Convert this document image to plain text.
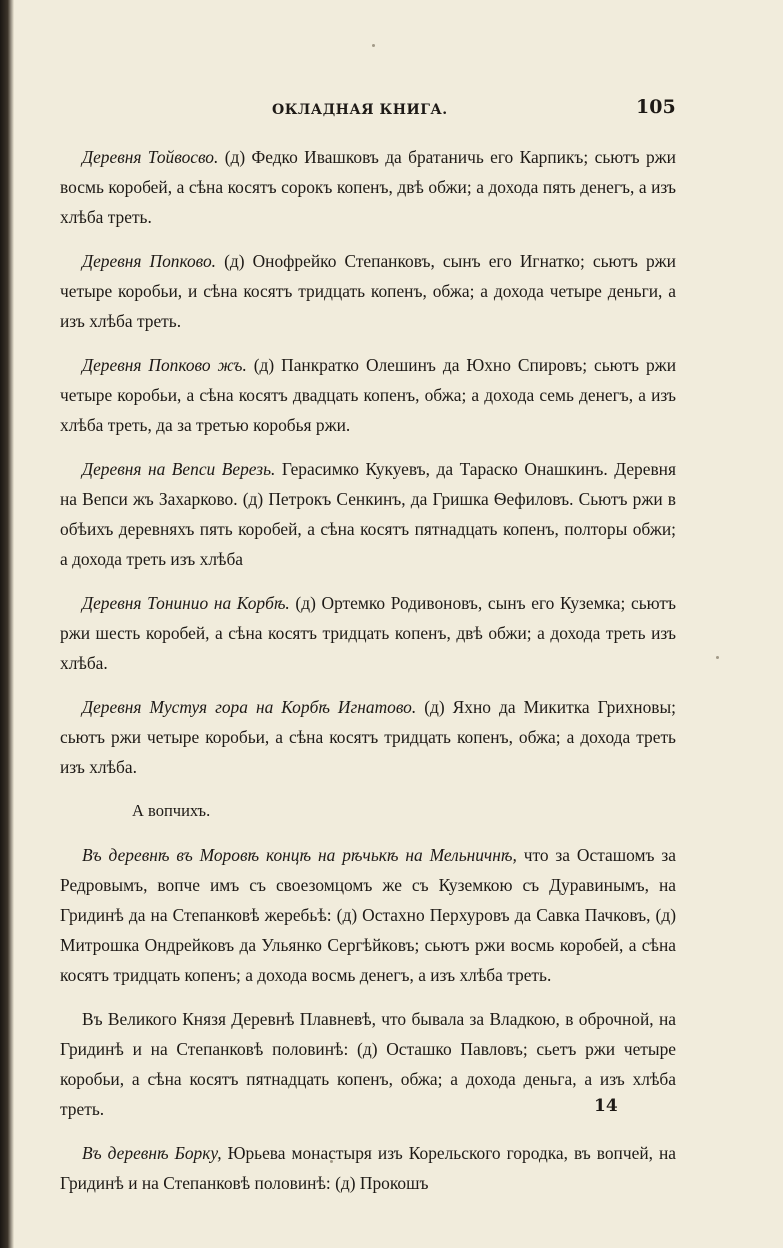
ОКЛАДНАЯ КНИГА.	105

Деревня Тойвосво. (д) Федко Ивашковъ да братаничь его Карпикъ; сьютъ ржи восмь коробей, а сѣна косятъ сорокъ копенъ, двѣ обжи; а дохода пять денегъ, а изъ хлѣба треть.

Деревня Попково. (д) Онофрейко Степанковъ, сынъ его Игнатко; сьютъ ржи четыре коробьи, и сѣна косятъ тридцать копенъ, обжа; а дохода четыре деньги, а изъ хлѣба треть.

Деревня Попково жъ. (д) Панкратко Олешинъ да Юхно Спировъ; сьютъ ржи четыре коробьи, а сѣна косятъ двадцать копенъ, обжа; а дохода семь денегъ, а изъ хлѣба треть, да за третью коробья ржи.

Деревня на Вепси Верезь. Герасимко Кукуевъ, да Тараско Онашкинъ. Деревня на Вепси жъ Захарково. (д) Петрокъ Сенкинъ, да Гришка Ѳефиловъ. Сьютъ ржи в обѣихъ деревняхъ пять коробей, а сѣна косятъ пятнадцать копенъ, полторы обжи; а дохода треть изъ хлѣба

Деревня Тонинио на Корбѣ. (д) Ортемко Родивоновъ, сынъ его Куземка; сьютъ ржи шесть коробей, а сѣна косятъ тридцать копенъ, двѣ обжи; а дохода треть изъ хлѣба.

Деревня Мустуя гора на Корбѣ Игнатово. (д) Яхно да Микитка Грихновы; сьютъ ржи четыре коробьи, а сѣна косятъ тридцать копенъ, обжа; а дохода треть изъ хлѣба.

А вопчихъ.

Въ деревнѣ въ Моровѣ концѣ на рѣчькѣ на Мельничнѣ, что за Осташомъ за Редровымъ, вопче имъ съ своезомцомъ же съ Куземкою съ Дуравинымъ, на Гридинѣ да на Степанковѣ жеребьѣ: (д) Остахно Перхуровъ да Савка Пачковъ, (д) Митрошка Ондрейковъ да Ульянко Сергѣйковъ; сьютъ ржи восмь коробей, а сѣна косятъ тридцать копенъ; а дохода восмь денегъ, а изъ хлѣба треть.

Въ Великого Князя Деревнѣ Плавневѣ, что бывала за Владкою, в оброчной, на Гридинѣ и на Степанковѣ половинѣ: (д) Осташко Павловъ; сьетъ ржи четыре коробьи, а сѣна косятъ пятнадцать копенъ, обжа; а дохода деньга, а изъ хлѣба треть.

Въ деревнѣ Борку, Юрьева монастыря изъ Корельского городка, въ вопчей, на Гридинѣ и на Степанковѣ половинѣ: (д) Прокошъ

14
